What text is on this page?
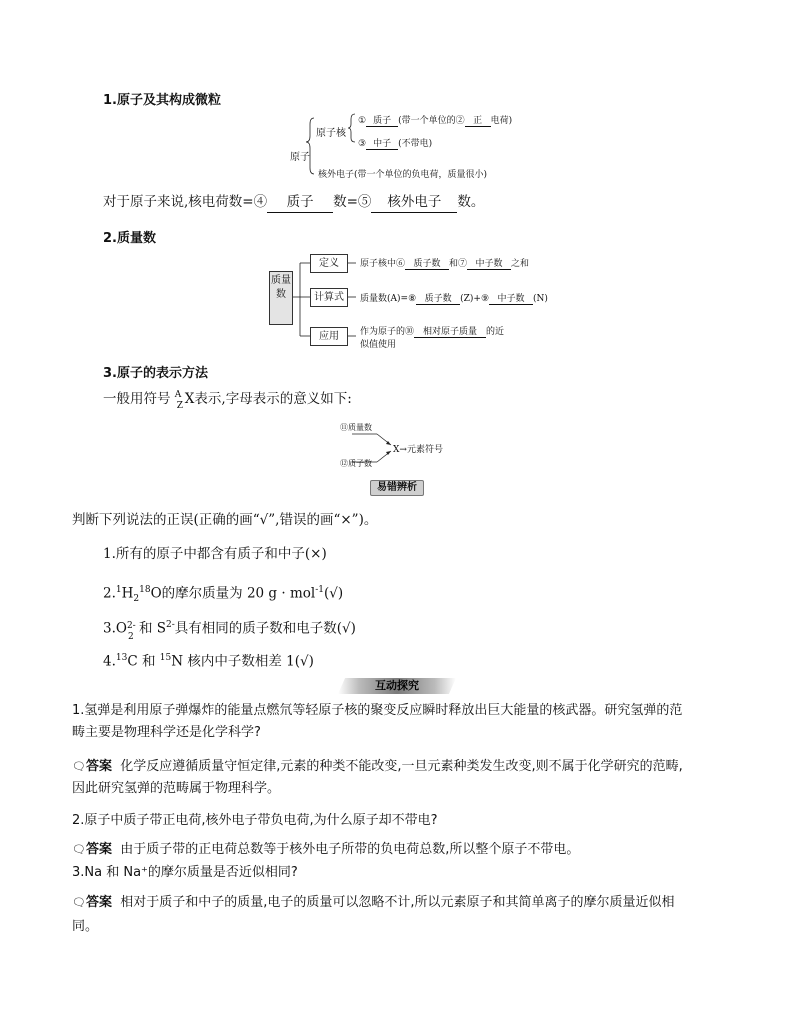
1.原子及其构成微粒
原子
原子核
① 质子 (带一个单位的② 正 电荷)
③ 中子 (不带电)
核外电子(带一个单位的负电荷，质量很小)
对于原子来说,核电荷数=④ 质子 数=⑤ 核外电子 数。
2.质量数
质量数
定义	原子核中⑥ 质子数 和⑦ 中子数 之和
计算式	质量数(A)=⑧ 质子数 (Z)+⑨ 中子数 (N)
应用	作为原子的⑩ 相对原子质量 的近
似值使用
3.原子的表示方法
一般用符号 A
Z X表示,字母表示的意义如下:
⑪质量数
⑫质子数
X→元素符号
易错辨析
判断下列说法的正误(正确的画“√”,错误的画“×”)。
1.所有的原子中都含有质子和中子(×)
$2.^1H_2^{18}O$的摩尔质量为 20 g · mol$^{-1}$(√)
3.O 2-
2 和 $S^{2-}$具有相同的质子数和电子数(√)
4.13C 和 $^{15}$N 核内中子数相差 1(√)
互动探究
1.氢弹是利用原子弹爆炸的能量点燃氘等轻原子核的聚变反应瞬时释放出巨大能量的核武器。研究氢弹的范
畴主要是物理科学还是化学科学?
🗨︎答案 化学反应遵循质量守恒定律,元素的种类不能改变,一旦元素种类发生改变,则不属于化学研究的范畴,
因此研究氢弹的范畴属于物理科学。
2.原子中质子带正电荷,核外电子带负电荷,为什么原子却不带电?
🗨︎答案 由于质子带的正电荷总数等于核外电子所带的负电荷总数,所以整个原子不带电。
3.Na 和 Na⁺的摩尔质量是否近似相同?
🗨︎答案 相对于质子和中子的质量,电子的质量可以忽略不计,所以元素原子和其简单离子的摩尔质量近似相
同。
